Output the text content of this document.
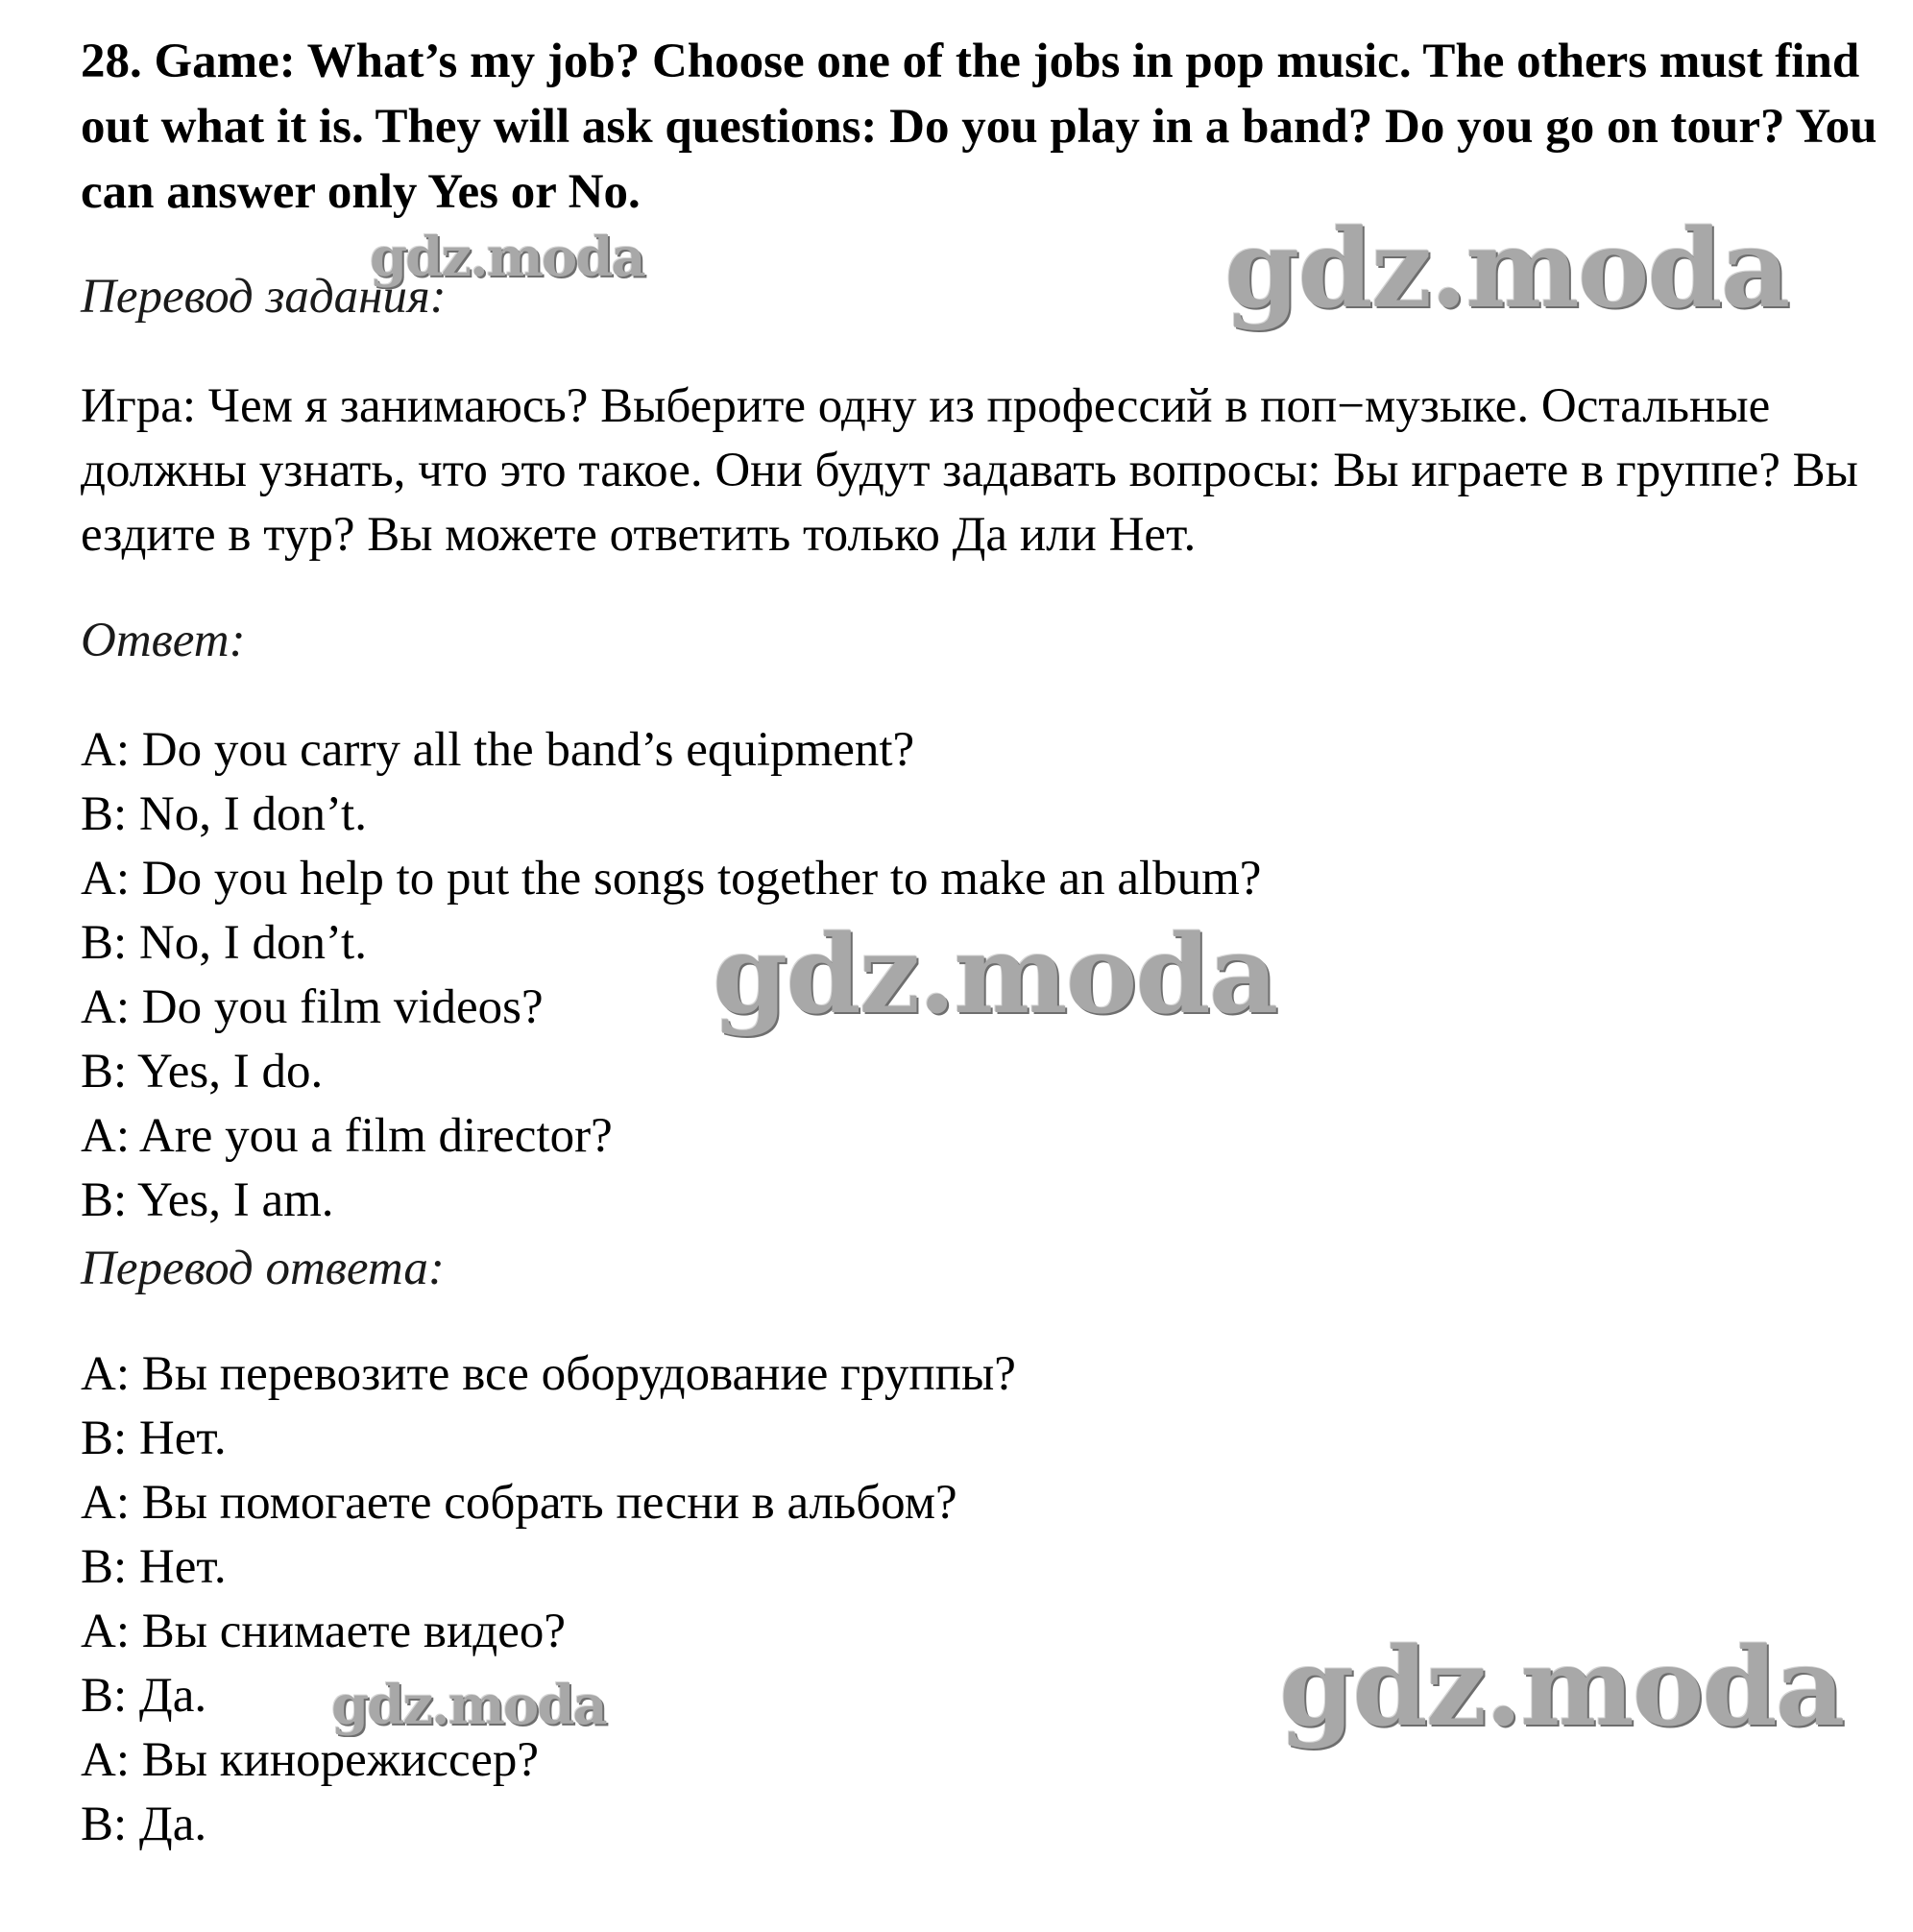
28. Game: What’s my job? Choose one of the jobs in pop music. The others must find out what it is. They will ask questions: Do you play in a band? Do you go on tour? You can answer only Yes or No.

Перевод задания:

Игра: Чем я занимаюсь? Выберите одну из профессий в поп−музыке. Остальные должны узнать, что это такое. Они будут задавать вопросы: Вы играете в группе? Вы ездите в тур? Вы можете ответить только Да или Нет.

Ответ:

A: Do you carry all the band’s equipment?
B: No, I don’t.
A: Do you help to put the songs together to make an album?
B: No, I don’t.
A: Do you film videos?
B: Yes, I do.
A: Are you a film director?
B: Yes, I am.

Перевод ответа:

A: Вы перевозите все оборудование группы?
B: Нет.
A: Вы помогаете собрать песни в альбом?
B: Нет.
A: Вы снимаете видео?
B: Да.
A: Вы кинорежиссер?
B: Да.
gdz.moda	gdz.moda
gdz.moda
gdz.moda	gdz.moda
